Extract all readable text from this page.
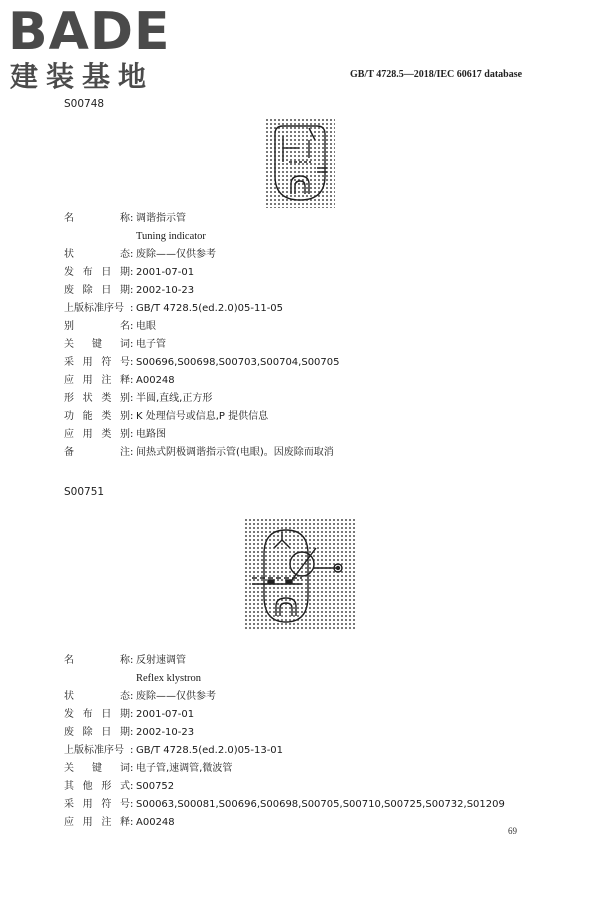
BADE
建装基地	GB/T 4728.5—2018/IEC 60617 database
S00748
名	称 : 调谐指示管
Tuning indicator
状	态 : 废除——仅供参考
发 布 日 期 : 2001-07-01
废 除 日 期 : 2002-10-23
上版标准序号 : GB/T 4728.5(ed.2.0)05-11-05
别	名 : 电眼
关 键 词 : 电子管
采 用 符 号 : S00696,S00698,S00703,S00704,S00705
应 用 注 释 : A00248
形 状 类 别 : 半圆,直线,正方形
功 能 类 别 : K 处理信号或信息,P 提供信息
应 用 类 别 : 电路图
备	注 : 间热式阴极调谐指示管(电眼)。因废除而取消
S00751
名	称 : 反射速调管
Reflex klystron
状	态 : 废除——仅供参考
发 布 日 期 : 2001-07-01
废 除 日 期 : 2002-10-23
上版标准序号 : GB/T 4728.5(ed.2.0)05-13-01
关 键 词 : 电子管,速调管,微波管
其 他 形 式 : S00752
采 用 符 号 : S00063,S00081,S00696,S00698,S00705,S00710,S00725,S00732,S01209
应 用 注 释 : A00248
69
